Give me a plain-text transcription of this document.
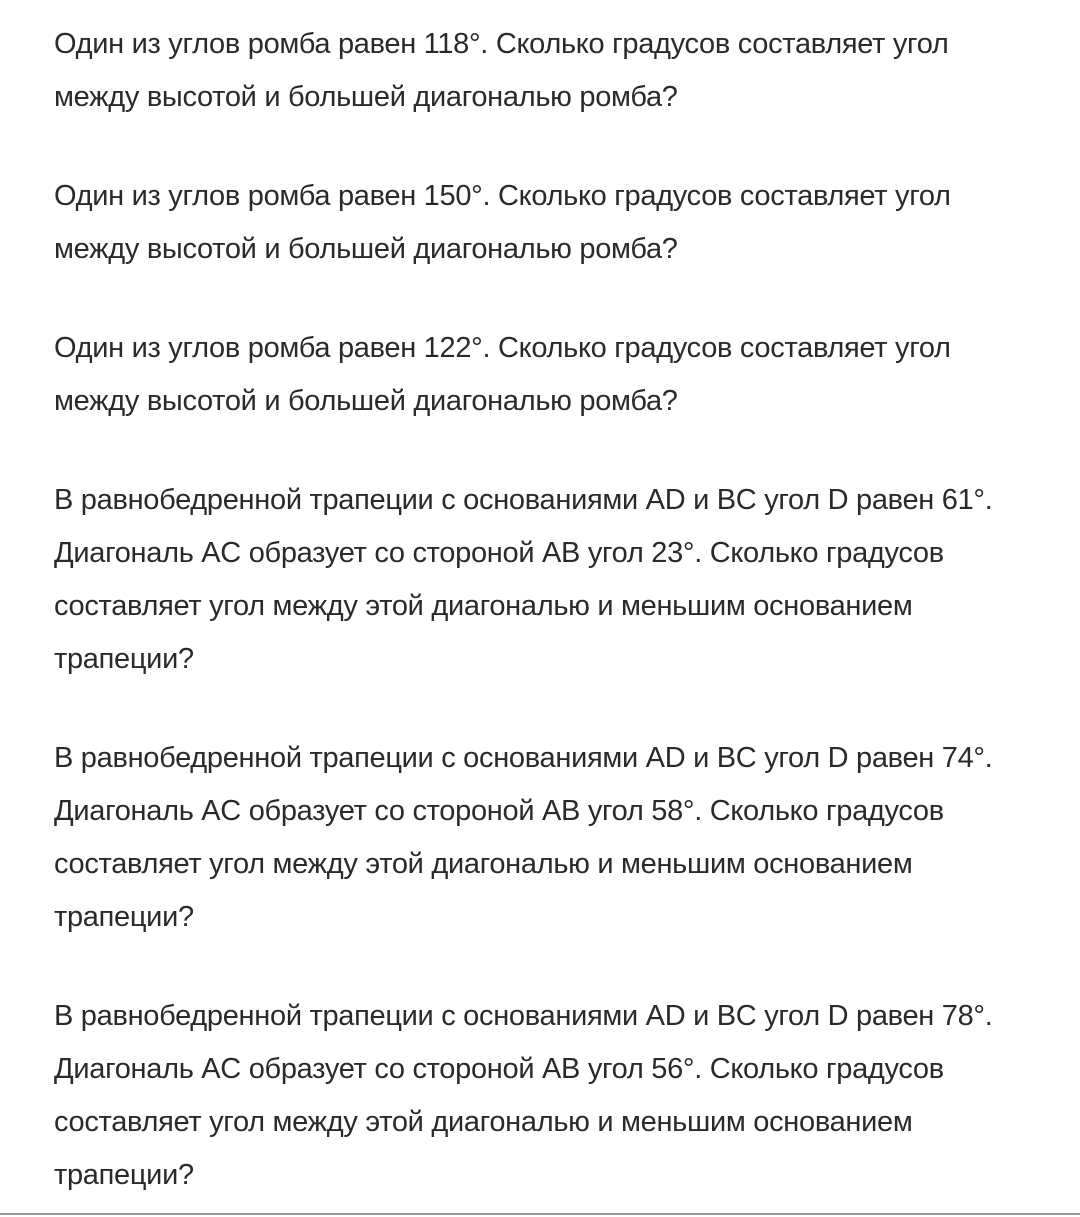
Один из углов ромба равен 118°. Сколько градусов составляет угол
между высотой и большей диагональю ромба?

Один из углов ромба равен 150°. Сколько градусов составляет угол
между высотой и большей диагональю ромба?

Один из углов ромба равен 122°. Сколько градусов составляет угол
между высотой и большей диагональю ромба?

В равнобедренной трапеции с основаниями AD и BC угол D равен 61°.
Диагональ AC образует со стороной AB угол 23°. Сколько градусов
составляет угол между этой диагональю и меньшим основанием
трапеции?

В равнобедренной трапеции с основаниями AD и BC угол D равен 74°.
Диагональ AC образует со стороной AB угол 58°. Сколько градусов
составляет угол между этой диагональю и меньшим основанием
трапеции?

В равнобедренной трапеции с основаниями AD и BC угол D равен 78°.
Диагональ AC образует со стороной AB угол 56°. Сколько градусов
составляет угол между этой диагональю и меньшим основанием
трапеции?
